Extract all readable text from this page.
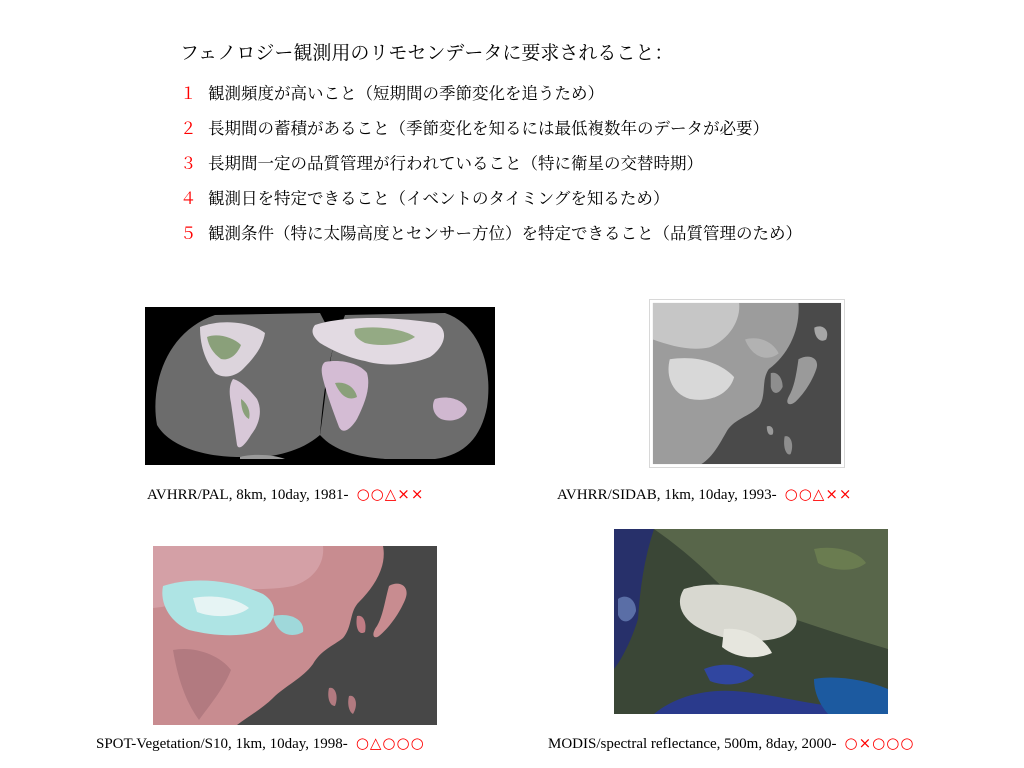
フェノロジー観測用のリモセンデータに要求されること：
１ 観測頻度が高いこと（短期間の季節変化を追うため）
２ 長期間の蓄積があること（季節変化を知るには最低複数年のデータが必要）
３ 長期間一定の品質管理が行われていること（特に衛星の交替時期）
４ 観測日を特定できること（イベントのタイミングを知るため）
５ 観測条件（特に太陽高度とセンサー方位）を特定できること（品質管理のため）
AVHRR/PAL, 8km, 10day, 1981- ○○△××	AVHRR/SIDAB, 1km, 10day, 1993- ○○△××
SPOT-Vegetation/S10, 1km, 10day, 1998- ○△○○○	MODIS/spectral reflectance, 500m, 8day, 2000- ○×○○○
